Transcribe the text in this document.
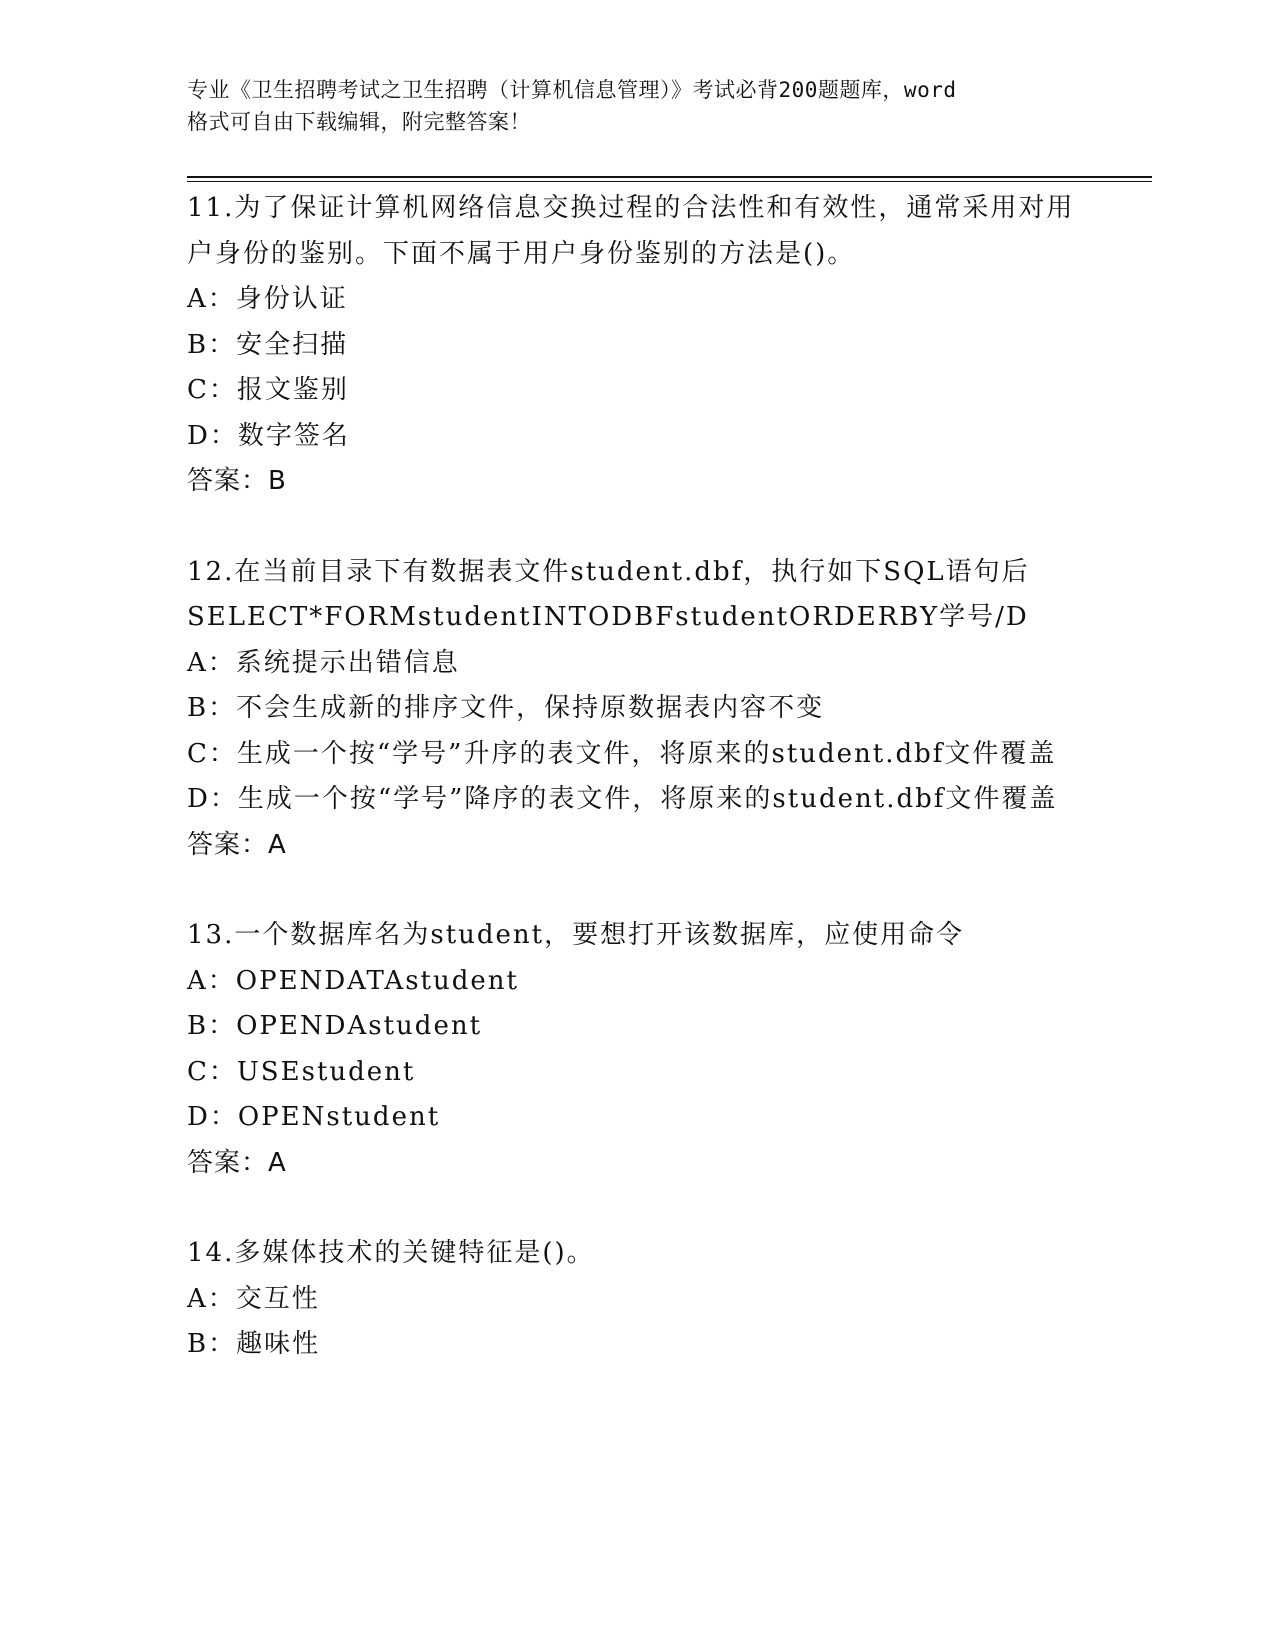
专业《卫生招聘考试之卫生招聘（计算机信息管理）》考试必背200题题库，word
格式可自由下载编辑，附完整答案！

11.为了保证计算机网络信息交换过程的合法性和有效性，通常采用对用户身份的鉴别。下面不属于用户身份鉴别的方法是()。

A：身份认证

B：安全扫描

C：报文鉴别

D：数字签名

答案：B

12.在当前目录下有数据表文件student.dbf，执行如下SQL语句后SELECT*FORMstudentINTODBFstudentORDERBY学号/D

A：系统提示出错信息

B：不会生成新的排序文件，保持原数据表内容不变

C：生成一个按“学号”升序的表文件，将原来的student.dbf文件覆盖

D：生成一个按“学号”降序的表文件，将原来的student.dbf文件覆盖

答案：A

13.一个数据库名为student，要想打开该数据库，应使用命令

A：OPENDATAstudent

B：OPENDAstudent

C：USEstudent

D：OPENstudent

答案：A

14.多媒体技术的关键特征是()。

A：交互性

B：趣味性
